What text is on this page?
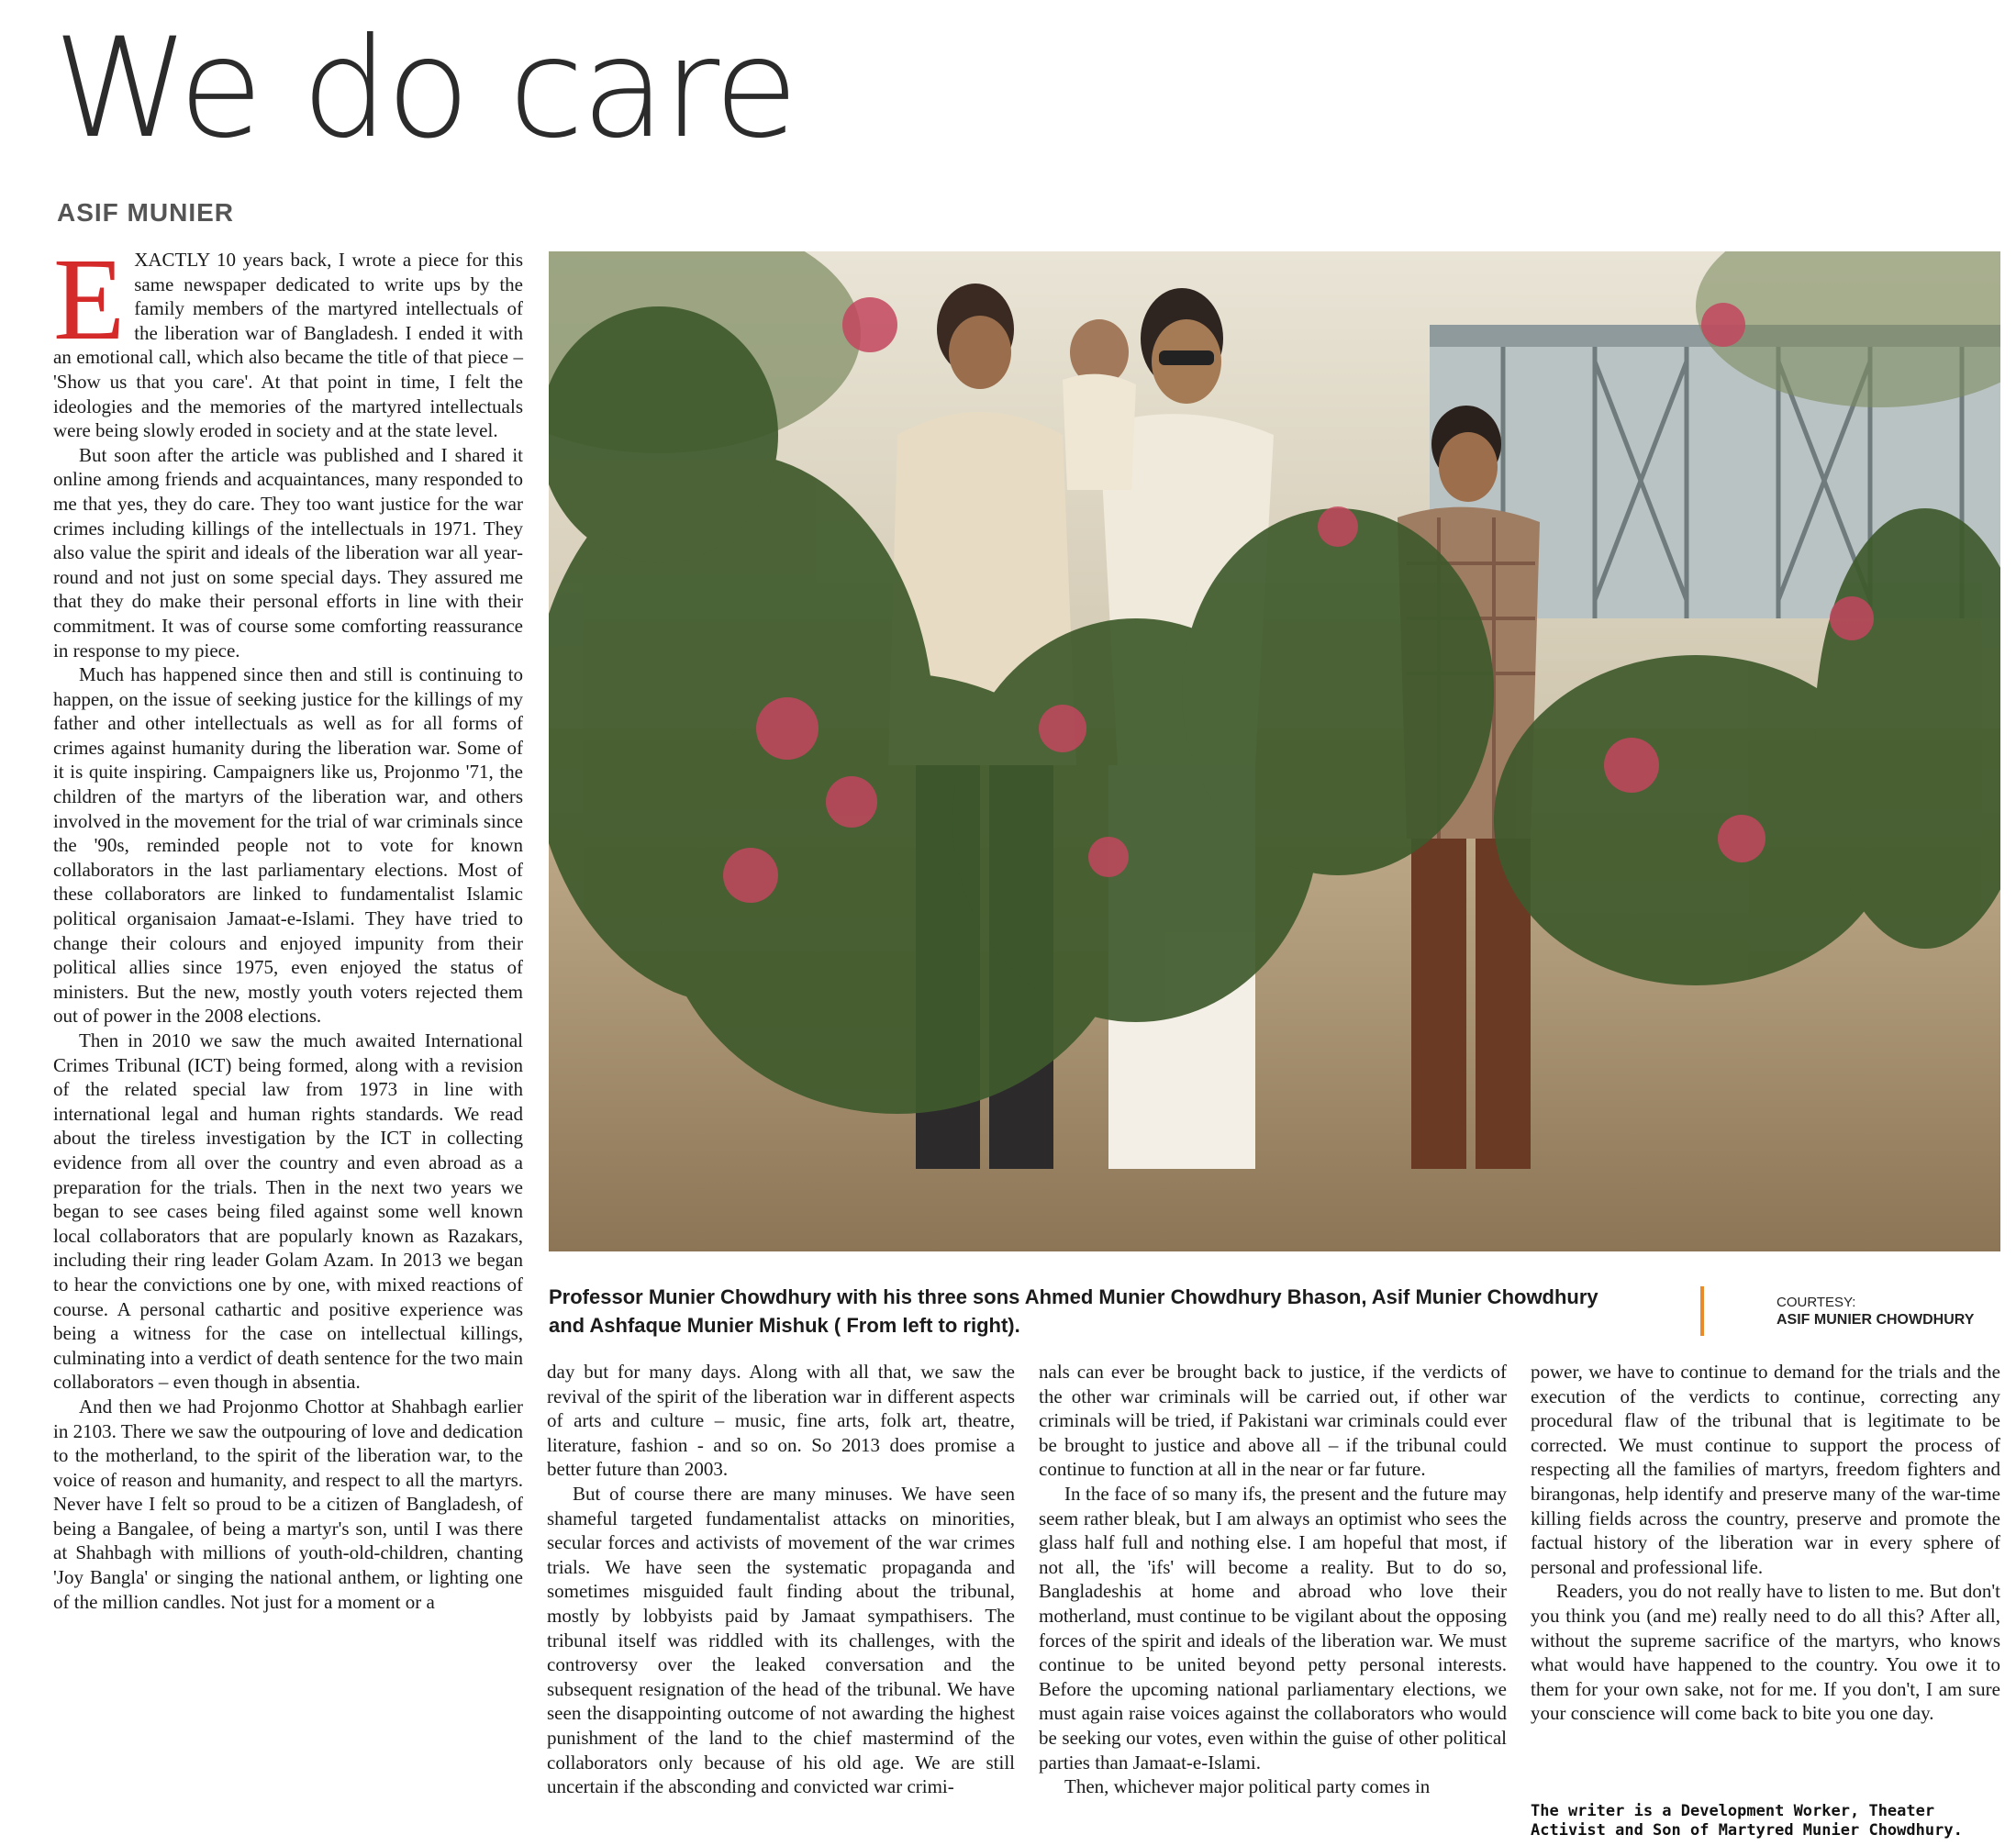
We do care
ASIF MUNIER

EXACTLY 10 years back, I wrote a piece for this same newspaper dedicated to write ups by the family members of the martyred intellectuals of the liberation war of Bangladesh. I ended it with an emotional call, which also became the title of that piece – 'Show us that you care'. At that point in time, I felt the ideologies and the memories of the martyred intellectuals were being slowly eroded in society and at the state level.

But soon after the article was published and I shared it online among friends and acquaintances, many responded to me that yes, they do care. They too want justice for the war crimes including killings of the intellectuals in 1971. They also value the spirit and ideals of the liberation war all year-round and not just on some special days. They assured me that they do make their personal efforts in line with their commitment. It was of course some comforting reassurance in response to my piece.

Much has happened since then and still is continuing to happen, on the issue of seeking justice for the killings of my father and other intellectuals as well as for all forms of crimes against humanity during the liberation war. Some of it is quite inspiring. Campaigners like us, Projonmo '71, the children of the martyrs of the liberation war, and others involved in the movement for the trial of war criminals since the '90s, reminded people not to vote for known collaborators in the last parliamentary elections. Most of these collaborators are linked to fundamentalist Islamic political organisaion Jamaat-e-Islami. They have tried to change their colours and enjoyed impunity from their political allies since 1975, even enjoyed the status of ministers. But the new, mostly youth voters rejected them out of power in the 2008 elections.

Then in 2010 we saw the much awaited International Crimes Tribunal (ICT) being formed, along with a revision of the related special law from 1973 in line with international legal and human rights standards. We read about the tireless investigation by the ICT in collecting evidence from all over the country and even abroad as a preparation for the trials. Then in the next two years we began to see cases being filed against some well known local collaborators that are popularly known as Razakars, including their ring leader Golam Azam. In 2013 we began to hear the convictions one by one, with mixed reactions of course. A personal cathartic and positive experience was being a witness for the case on intellectual killings, culminating into a verdict of death sentence for the two main collaborators – even though in absentia.

And then we had Projonmo Chottor at Shahbagh earlier in 2103. There we saw the outpouring of love and dedication to the motherland, to the spirit of the liberation war, to the voice of reason and humanity, and respect to all the martyrs. Never have I felt so proud to be a citizen of Bangladesh, of being a Bangalee, of being a martyr's son, until I was there at Shahbagh with millions of youth-old-children, chanting 'Joy Bangla' or singing the national anthem, or lighting one of the million candles. Not just for a moment or a

Professor Munier Chowdhury with his three sons Ahmed Munier Chowdhury Bhason, Asif Munier Chowdhury and Ashfaque Munier Mishuk ( From left to right).
COURTESY:
ASIF MUNIER CHOWDHURY

day but for many days. Along with all that, we saw the revival of the spirit of the liberation war in different aspects of arts and culture – music, fine arts, folk art, theatre, literature, fashion - and so on. So 2013 does promise a better future than 2003.

But of course there are many minuses. We have seen shameful targeted fundamentalist attacks on minorities, secular forces and activists of movement of the war crimes trials. We have seen the systematic propaganda and sometimes misguided fault finding about the tribunal, mostly by lobbyists paid by Jamaat sympathisers. The tribunal itself was riddled with its challenges, with the controversy over the leaked conversation and the subsequent resignation of the head of the tribunal. We have seen the disappointing outcome of not awarding the highest punishment of the land to the chief mastermind of the collaborators only because of his old age. We are still uncertain if the absconding and convicted war crimi-

nals can ever be brought back to justice, if the verdicts of the other war criminals will be carried out, if other war criminals will be tried, if Pakistani war criminals could ever be brought to justice and above all – if the tribunal could continue to function at all in the near or far future.

In the face of so many ifs, the present and the future may seem rather bleak, but I am always an optimist who sees the glass half full and nothing else. I am hopeful that most, if not all, the 'ifs' will become a reality. But to do so, Bangladeshis at home and abroad who love their motherland, must continue to be vigilant about the opposing forces of the spirit and ideals of the liberation war. We must continue to be united beyond petty personal interests. Before the upcoming national parliamentary elections, we must again raise voices against the collaborators who would be seeking our votes, even within the guise of other political parties than Jamaat-e-Islami.

Then, whichever major political party comes in

power, we have to continue to demand for the trials and the execution of the verdicts to continue, correcting any procedural flaw of the tribunal that is legitimate to be corrected. We must continue to support the process of respecting all the families of martyrs, freedom fighters and birangonas, help identify and preserve many of the war-time killing fields across the country, preserve and promote the factual history of the liberation war in every sphere of personal and professional life.

Readers, you do not really have to listen to me. But don't you think you (and me) really need to do all this? After all, without the supreme sacrifice of the martyrs, who knows what would have happened to the country. You owe it to them for your own sake, not for me. If you don't, I am sure your conscience will come back to bite you one day.

The writer is a Development Worker, Theater Activist and Son of Martyred Munier Chowdhury.
